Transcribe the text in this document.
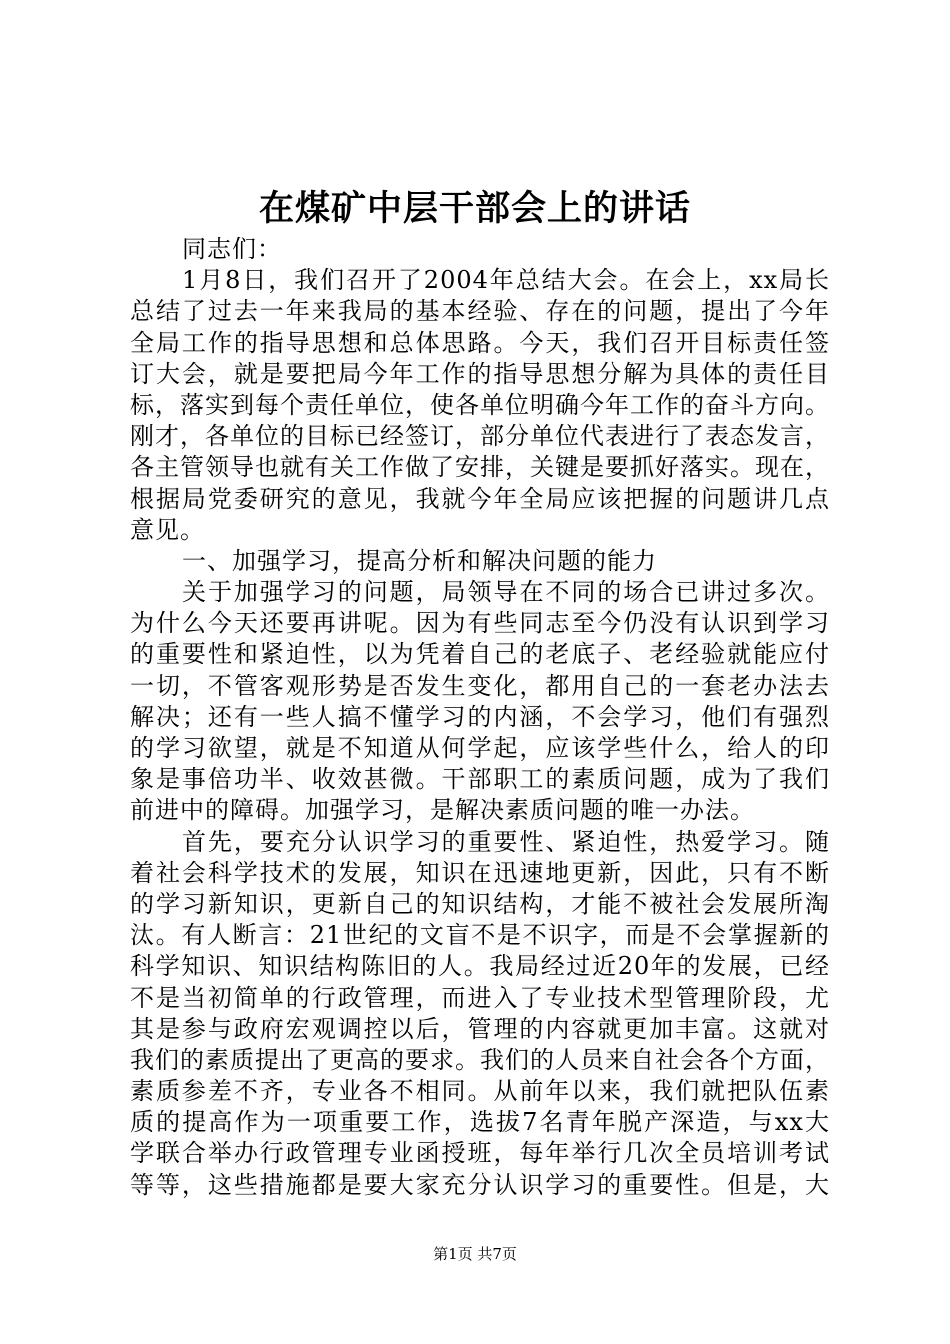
在煤矿中层干部会上的讲话
同志们：
1月8日，我们召开了2004年总结大会。在会上，xx局长
总结了过去一年来我局的基本经验、存在的问题，提出了今年
全局工作的指导思想和总体思路。今天，我们召开目标责任签
订大会，就是要把局今年工作的指导思想分解为具体的责任目
标，落实到每个责任单位，使各单位明确今年工作的奋斗方向。
刚才，各单位的目标已经签订，部分单位代表进行了表态发言，
各主管领导也就有关工作做了安排，关键是要抓好落实。现在，
根据局党委研究的意见，我就今年全局应该把握的问题讲几点
意见。
一、加强学习，提高分析和解决问题的能力
关于加强学习的问题，局领导在不同的场合已讲过多次。
为什么今天还要再讲呢。因为有些同志至今仍没有认识到学习
的重要性和紧迫性，以为凭着自己的老底子、老经验就能应付
一切，不管客观形势是否发生变化，都用自己的一套老办法去
解决；还有一些人搞不懂学习的内涵，不会学习，他们有强烈
的学习欲望，就是不知道从何学起，应该学些什么，给人的印
象是事倍功半、收效甚微。干部职工的素质问题，成为了我们
前进中的障碍。加强学习，是解决素质问题的唯一办法。
首先，要充分认识学习的重要性、紧迫性，热爱学习。随
着社会科学技术的发展，知识在迅速地更新，因此，只有不断
的学习新知识，更新自己的知识结构，才能不被社会发展所淘
汰。有人断言：21世纪的文盲不是不识字，而是不会掌握新的
科学知识、知识结构陈旧的人。我局经过近20年的发展，已经
不是当初简单的行政管理，而进入了专业技术型管理阶段，尤
其是参与政府宏观调控以后，管理的内容就更加丰富。这就对
我们的素质提出了更高的要求。我们的人员来自社会各个方面，
素质参差不齐，专业各不相同。从前年以来，我们就把队伍素
质的提高作为一项重要工作，选拔7名青年脱产深造，与xx大
学联合举办行政管理专业函授班，每年举行几次全员培训考试
等等，这些措施都是要大家充分认识学习的重要性。但是，大
第1页 共7页
